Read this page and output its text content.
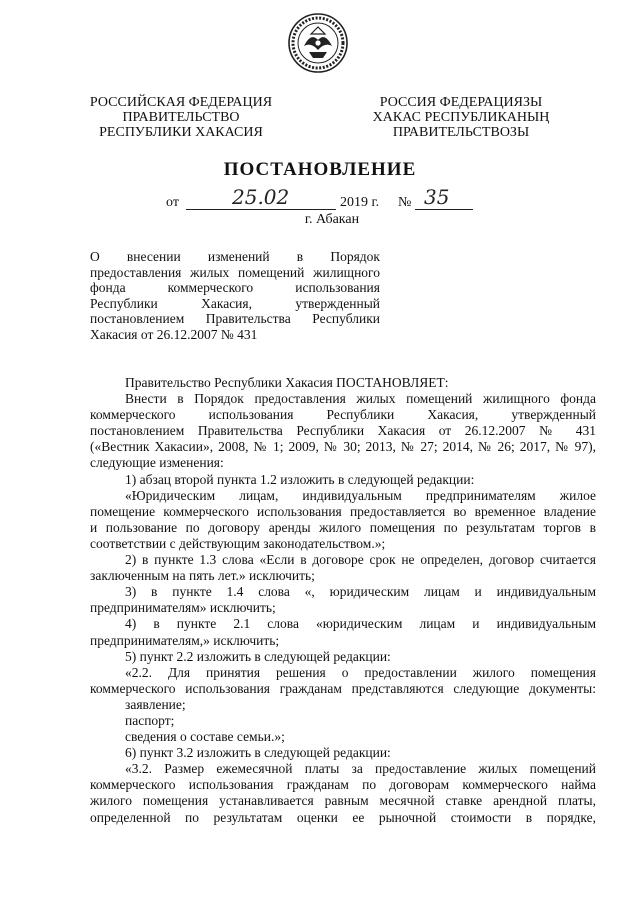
РОССИЙСКАЯ ФЕДЕРАЦИЯ
ПРАВИТЕЛЬСТВО
РЕСПУБЛИКИ ХАКАСИЯ
РОССИЯ ФЕДЕРАЦИЯЗЫ
ХАКАС РЕСПУБЛИКАНЫҢ
ПРАВИТЕЛЬСТВОЗЫ
ПОСТАНОВЛЕНИЕ
от	25.02	2019 г. № 35
г. Абакан
О внесении изменений в Порядок
предоставления жилых помещений жилищного
фонда коммерческого использования
Республики Хакасия, утвержденный
постановлением Правительства Республики
Хакасия от 26.12.2007 № 431
Правительство Республики Хакасия ПОСТАНОВЛЯЕТ:
Внести в Порядок предоставления жилых помещений жилищного фонда
коммерческого использования Республики Хакасия, утвержденный
постановлением Правительства Республики Хакасия от 26.12.2007 № 431
(«Вестник Хакасии», 2008, № 1; 2009, № 30; 2013, № 27; 2014, № 26; 2017, № 97),
следующие изменения:
1) абзац второй пункта 1.2 изложить в следующей редакции:
«Юридическим лицам, индивидуальным предпринимателям жилое
помещение коммерческого использования предоставляется во временное владение
и пользование по договору аренды жилого помещения по результатам торгов в
соответствии с действующим законодательством.»;
2) в пункте 1.3 слова «Если в договоре срок не определен, договор считается
заключенным на пять лет.» исключить;
3) в пункте 1.4 слова «, юридическим лицам и индивидуальным
предпринимателям» исключить;
4) в пункте 2.1 слова «юридическим лицам и индивидуальным
предпринимателям,» исключить;
5) пункт 2.2 изложить в следующей редакции:
«2.2. Для принятия решения о предоставлении жилого помещения
коммерческого использования гражданам представляются следующие документы:
заявление;
паспорт;
сведения о составе семьи.»;
6) пункт 3.2 изложить в следующей редакции:
«3.2. Размер ежемесячной платы за предоставление жилых помещений
коммерческого использования гражданам по договорам коммерческого найма
жилого помещения устанавливается равным месячной ставке арендной платы,
определенной по результатам оценки ее рыночной стоимости в порядке,
